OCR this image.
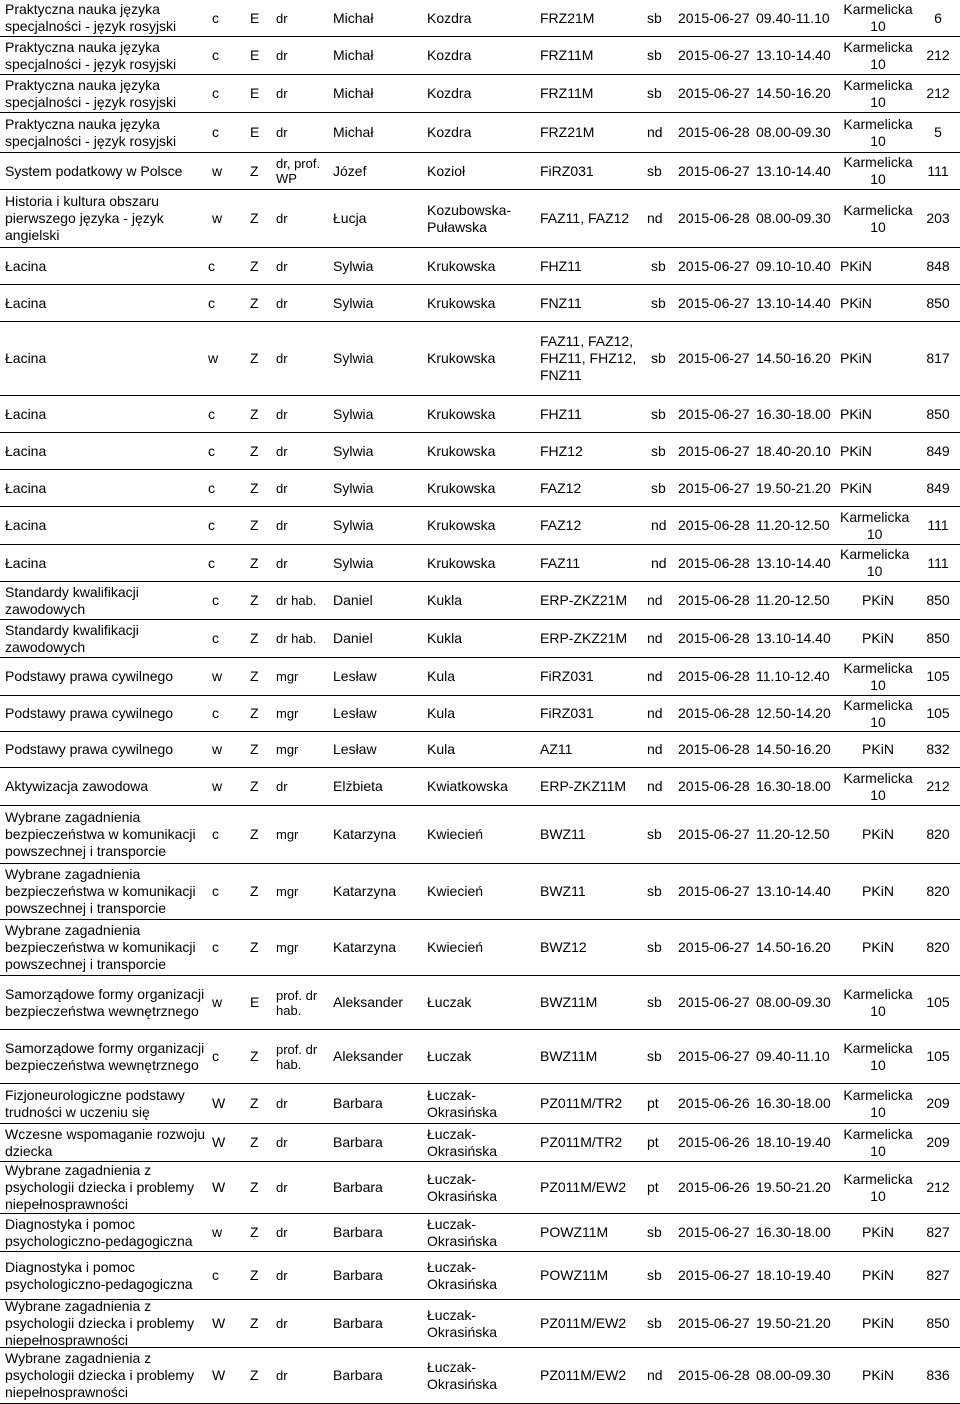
Praktyczna nauka języka
specjalności - język rosyjski
c	E	dr	Michał	Kozdra	FRZ21M	sb	2015-06-27 09.40-11.10
Karmelicka
10
6
Praktyczna nauka języka
specjalności - język rosyjski
c	E	dr	Michał	Kozdra	FRZ11M	sb	2015-06-27 13.10-14.40
Karmelicka
10
212
Praktyczna nauka języka
specjalności - język rosyjski
c	E	dr	Michał	Kozdra	FRZ11M	sb	2015-06-27 14.50-16.20
Karmelicka
10
212
Praktyczna nauka języka
specjalności - język rosyjski
c	E	dr	Michał	Kozdra	FRZ21M	nd	2015-06-28 08.00-09.30
Karmelicka
10
5
System podatkowy w Polsce	w	Z	dr, prof.
WP	Józef	Kozioł	FiRZ031	sb	2015-06-27 13.10-14.40
Karmelicka
10
111
Historia i kultura obszaru
pierwszego języka - język
angielski
w	Z	dr	Łucja
Kozubowska-
Puławska
FAZ11, FAZ12	nd	2015-06-28 08.00-09.30
Karmelicka
10
203
Łacina	c	Z	dr	Sylwia	Krukowska	FHZ11	sb 2015-06-27 09.10-10.40 PKiN	848
Łacina	c	Z	dr	Sylwia	Krukowska	FNZ11	sb 2015-06-27 13.10-14.40 PKiN	850
Łacina	w	Z	dr	Sylwia	Krukowska
FAZ11, FAZ12,
FHZ11, FHZ12,
FNZ11
sb 2015-06-27 14.50-16.20 PKiN	817
Łacina	c	Z	dr	Sylwia	Krukowska	FHZ11	sb 2015-06-27 16.30-18.00 PKiN	850
Łacina	c	Z	dr	Sylwia	Krukowska	FHZ12	sb 2015-06-27 18.40-20.10 PKiN	849
Łacina	c	Z	dr	Sylwia	Krukowska	FAZ12	sb 2015-06-27 19.50-21.20 PKiN	849
Łacina	c	Z	dr	Sylwia	Krukowska	FAZ12	nd 2015-06-28 11.20-12.50
Karmelicka
10
111
Łacina	c	Z	dr	Sylwia	Krukowska	FAZ11	nd 2015-06-28 13.10-14.40
Karmelicka
10
111
Standardy kwalifikacji
zawodowych
c	Z	dr hab.	Daniel	Kukla	ERP-ZKZ21M	nd	2015-06-28 11.20-12.50	PKiN	850
Standardy kwalifikacji
zawodowych
c	Z	dr hab.	Daniel	Kukla	ERP-ZKZ21M	nd	2015-06-28 13.10-14.40	PKiN	850
Podstawy prawa cywilnego	w	Z	mgr	Lesław	Kula	FiRZ031	nd	2015-06-28 11.10-12.40
Karmelicka
10
105
Podstawy prawa cywilnego	c	Z	mgr	Lesław	Kula	FiRZ031	nd	2015-06-28 12.50-14.20
Karmelicka
10
105
Podstawy prawa cywilnego	w	Z	mgr	Lesław	Kula	AZ11	nd	2015-06-28 14.50-16.20	PKiN	832
Aktywizacja zawodowa	w	Z	dr	Elżbieta	Kwiatkowska	ERP-ZKZ11M	nd	2015-06-28 16.30-18.00
Karmelicka
10
212
Wybrane zagadnienia
bezpieczeństwa w komunikacji
powszechnej i transporcie
c	Z	mgr	Katarzyna	Kwiecień	BWZ11	sb	2015-06-27 11.20-12.50	PKiN	820
Wybrane zagadnienia
bezpieczeństwa w komunikacji
powszechnej i transporcie
c	Z	mgr	Katarzyna	Kwiecień	BWZ11	sb	2015-06-27 13.10-14.40	PKiN	820
Wybrane zagadnienia
bezpieczeństwa w komunikacji
powszechnej i transporcie
c	Z	mgr	Katarzyna	Kwiecień	BWZ12	sb	2015-06-27 14.50-16.20	PKiN	820
Samorządowe formy organizacji
bezpieczeństwa wewnętrznego
w	E	prof. dr
hab.	Aleksander	Łuczak	BWZ11M	sb	2015-06-27 08.00-09.30
Karmelicka
10
105
Samorządowe formy organizacji
bezpieczeństwa wewnętrznego
c	Z	prof. dr
hab.	Aleksander	Łuczak	BWZ11M	sb	2015-06-27 09.40-11.10
Karmelicka
10
105
Fizjoneurologiczne podstawy
trudności w uczeniu się
W	Z	dr	Barbara
Łuczak-
Okrasińska
PZ011M/TR2	pt	2015-06-26 16.30-18.00
Karmelicka
10
209
Wczesne wspomaganie rozwoju
dziecka
W	Z	dr	Barbara
Łuczak-
Okrasińska
PZ011M/TR2	pt	2015-06-26 18.10-19.40
Karmelicka
10
209
Wybrane zagadnienia z
psychologii dziecka i problemy
niepełnosprawności
W	Z	dr	Barbara
Łuczak-
Okrasińska
PZ011M/EW2	pt	2015-06-26 19.50-21.20
Karmelicka
10
212
Diagnostyka i pomoc
psychologiczno-pedagogiczna
w	Z	dr	Barbara
Łuczak-
Okrasińska
POWZ11M	sb	2015-06-27 16.30-18.00	PKiN	827
Diagnostyka i pomoc
psychologiczno-pedagogiczna
c	Z	dr	Barbara
Łuczak-
Okrasińska
POWZ11M	sb	2015-06-27 18.10-19.40	PKiN	827
Wybrane zagadnienia z
psychologii dziecka i problemy
niepełnosprawności
W	Z	dr	Barbara
Łuczak-
Okrasińska
PZ011M/EW2	sb	2015-06-27 19.50-21.20	PKiN	850
Wybrane zagadnienia z
psychologii dziecka i problemy
niepełnosprawności
W	Z	dr	Barbara
Łuczak-
Okrasińska
PZ011M/EW2	nd	2015-06-28 08.00-09.30	PKiN	836
